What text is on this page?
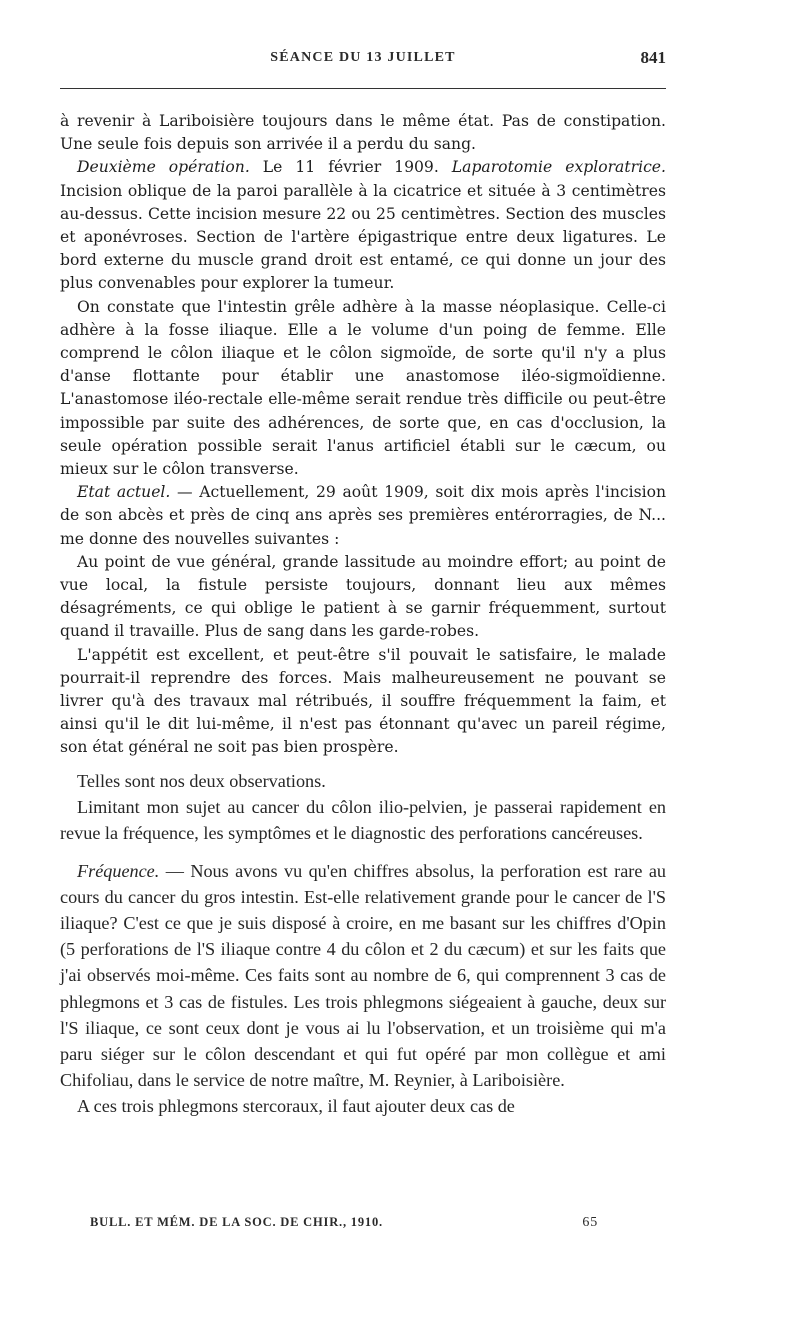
SÉANCE DU 13 JUILLET	841

à revenir à Lariboisière toujours dans le même état. Pas de constipation. Une seule fois depuis son arrivée il a perdu du sang.

Deuxième opération. Le 11 février 1909. Laparotomie exploratrice. Incision oblique de la paroi parallèle à la cicatrice et située à 3 centimètres au-dessus. Cette incision mesure 22 ou 25 centimètres. Section des muscles et aponévroses. Section de l'artère épigastrique entre deux ligatures. Le bord externe du muscle grand droit est entamé, ce qui donne un jour des plus convenables pour explorer la tumeur.

On constate que l'intestin grêle adhère à la masse néoplasique. Celle-ci adhère à la fosse iliaque. Elle a le volume d'un poing de femme. Elle comprend le côlon iliaque et le côlon sigmoïde, de sorte qu'il n'y a plus d'anse flottante pour établir une anastomose iléo-sigmoïdienne. L'anastomose iléo-rectale elle-même serait rendue très difficile ou peut-être impossible par suite des adhérences, de sorte que, en cas d'occlusion, la seule opération possible serait l'anus artificiel établi sur le cæcum, ou mieux sur le côlon transverse.

Etat actuel. — Actuellement, 29 août 1909, soit dix mois après l'incision de son abcès et près de cinq ans après ses premières entérorragies, de N... me donne des nouvelles suivantes :

Au point de vue général, grande lassitude au moindre effort; au point de vue local, la fistule persiste toujours, donnant lieu aux mêmes désagréments, ce qui oblige le patient à se garnir fréquemment, surtout quand il travaille. Plus de sang dans les garde-robes.

L'appétit est excellent, et peut-être s'il pouvait le satisfaire, le malade pourrait-il reprendre des forces. Mais malheureusement ne pouvant se livrer qu'à des travaux mal rétribués, il souffre fréquemment la faim, et ainsi qu'il le dit lui-même, il n'est pas étonnant qu'avec un pareil régime, son état général ne soit pas bien prospère.

Telles sont nos deux observations.

Limitant mon sujet au cancer du côlon ilio-pelvien, je passerai rapidement en revue la fréquence, les symptômes et le diagnostic des perforations cancéreuses.

Fréquence. — Nous avons vu qu'en chiffres absolus, la perforation est rare au cours du cancer du gros intestin. Est-elle relativement grande pour le cancer de l'S iliaque? C'est ce que je suis disposé à croire, en me basant sur les chiffres d'Opin (5 perforations de l'S iliaque contre 4 du côlon et 2 du cæcum) et sur les faits que j'ai observés moi-même. Ces faits sont au nombre de 6, qui comprennent 3 cas de phlegmons et 3 cas de fistules. Les trois phlegmons siégeaient à gauche, deux sur l'S iliaque, ce sont ceux dont je vous ai lu l'observation, et un troisième qui m'a paru siéger sur le côlon descendant et qui fut opéré par mon collègue et ami Chifoliau, dans le service de notre maître, M. Reynier, à Lariboisière.

A ces trois phlegmons stercoraux, il faut ajouter deux cas de

BULL. ET MÉM. DE LA SOC. DE CHIR., 1910.	65
